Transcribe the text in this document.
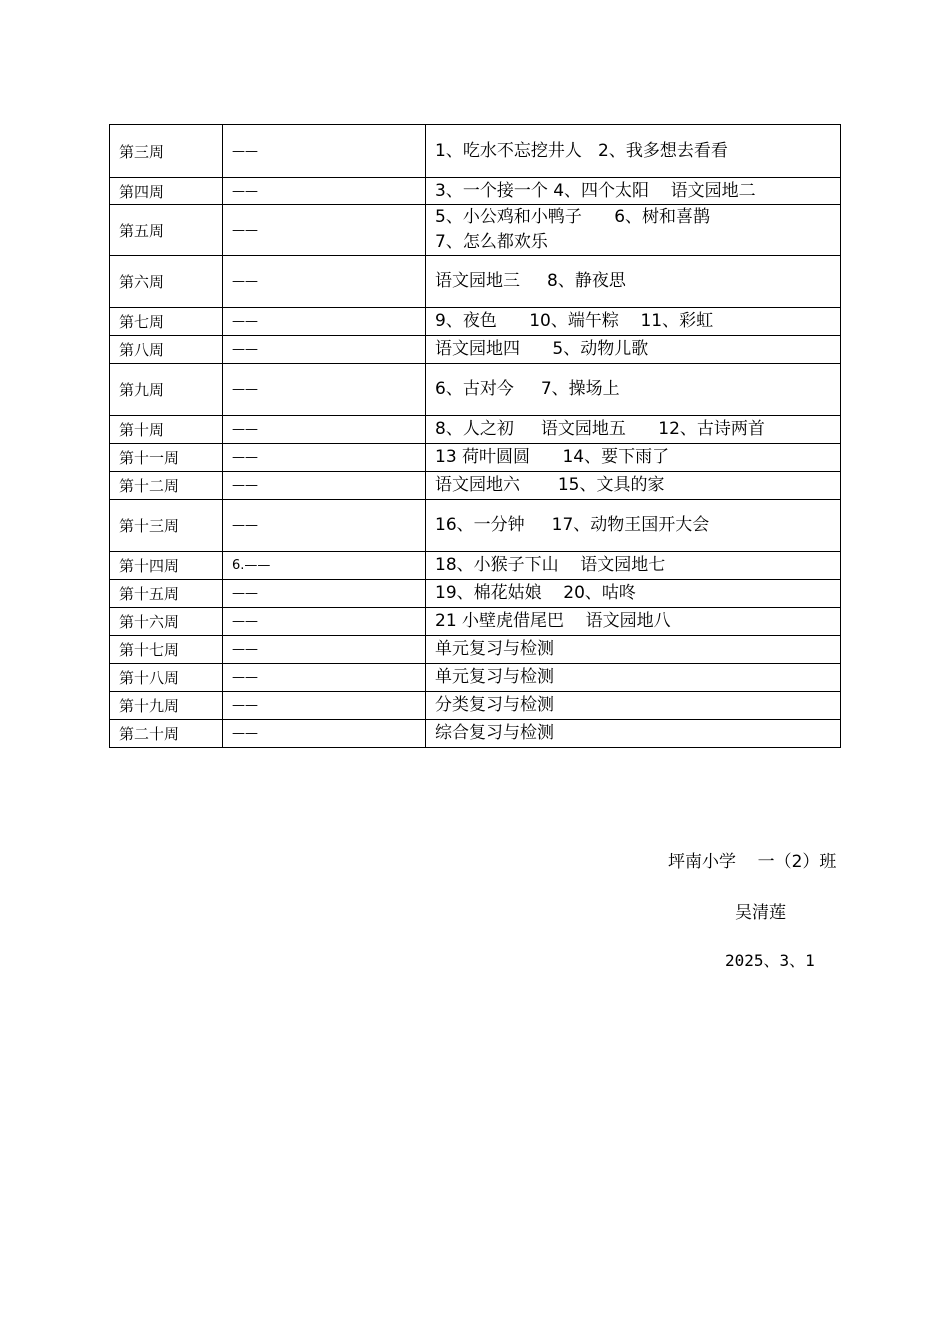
第三周	——	1、吃水不忘挖井人   2、我多想去看看
第四周	——	3、一个接一个 4、四个太阳    语文园地二
第五周	——	5、小公鸡和小鸭子      6、树和喜鹊
7、怎么都欢乐
第六周	——	语文园地三     8、静夜思
第七周	——	9、夜色      10、端午粽    11、彩虹
第八周	——	语文园地四      5、动物儿歌
第九周	——	6、古对今     7、操场上
第十周	——	8、人之初     语文园地五      12、古诗两首
第十一周	——	13 荷叶圆圆      14、要下雨了
第十二周	——	语文园地六       15、文具的家
第十三周	——	16、一分钟     17、动物王国开大会
第十四周	6.——	18、小猴子下山    语文园地七
第十五周	——	19、棉花姑娘    20、咕咚
第十六周	——	21 小壁虎借尾巴    语文园地八
第十七周	——	单元复习与检测
第十八周	——	单元复习与检测
第十九周	——	分类复习与检测
第二十周	——	综合复习与检测
坪南小学    一（2）班
吴清莲
2025、3、1
